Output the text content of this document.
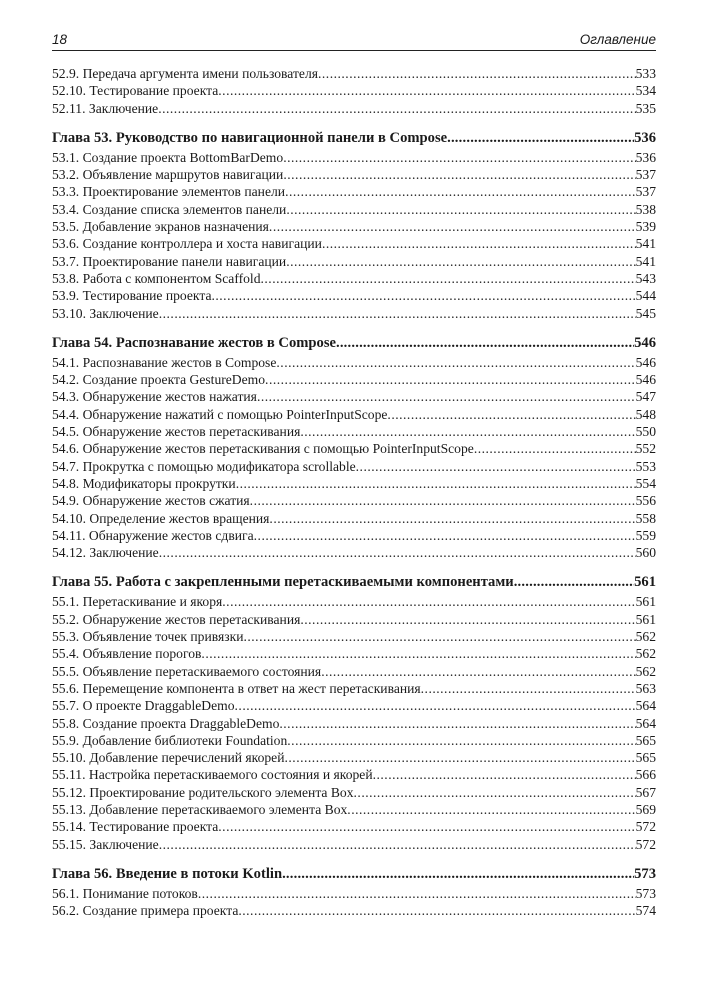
18	Оглавление
52.9. Передача аргумента имени пользователя .....	533
52.10. Тестирование проекта .....	534
52.11. Заключение .....	535
Глава 53. Руководство по навигационной панели в Compose .....	536
53.1. Создание проекта BottomBarDemo .....	536
53.2. Объявление маршрутов навигации .....	537
53.3. Проектирование элементов панели .....	537
53.4. Создание списка элементов панели .....	538
53.5. Добавление экранов назначения .....	539
53.6. Создание контроллера и хоста навигации .....	541
53.7. Проектирование панели навигации .....	541
53.8. Работа с компонентом Scaffold .....	543
53.9. Тестирование проекта .....	544
53.10. Заключение .....	545
Глава 54. Распознавание жестов в Compose .....	546
54.1. Распознавание жестов в Compose .....	546
54.2. Создание проекта GestureDemo .....	546
54.3. Обнаружение жестов нажатия .....	547
54.4. Обнаружение нажатий с помощью PointerInputScope .....	548
54.5. Обнаружение жестов перетаскивания .....	550
54.6. Обнаружение жестов перетаскивания с помощью PointerInputScope .....	552
54.7. Прокрутка с помощью модификатора scrollable .....	553
54.8. Модификаторы прокрутки .....	554
54.9. Обнаружение жестов сжатия .....	556
54.10. Определение жестов вращения .....	558
54.11. Обнаружение жестов сдвига .....	559
54.12. Заключение .....	560
Глава 55. Работа с закрепленными перетаскиваемыми компонентами .....	561
55.1. Перетаскивание и якоря .....	561
55.2. Обнаружение жестов перетаскивания .....	561
55.3. Объявление точек привязки .....	562
55.4. Объявление порогов .....	562
55.5. Объявление перетаскиваемого состояния .....	562
55.6. Перемещение компонента в ответ на жест перетаскивания .....	563
55.7. О проекте DraggableDemo .....	564
55.8. Создание проекта DraggableDemo .....	564
55.9. Добавление библиотеки Foundation .....	565
55.10. Добавление перечислений якорей .....	565
55.11. Настройка перетаскиваемого состояния и якорей .....	566
55.12. Проектирование родительского элемента Box .....	567
55.13. Добавление перетаскиваемого элемента Box .....	569
55.14. Тестирование проекта .....	572
55.15. Заключение .....	572
Глава 56. Введение в потоки Kotlin .....	573
56.1. Понимание потоков .....	573
56.2. Создание примера проекта .....	574
